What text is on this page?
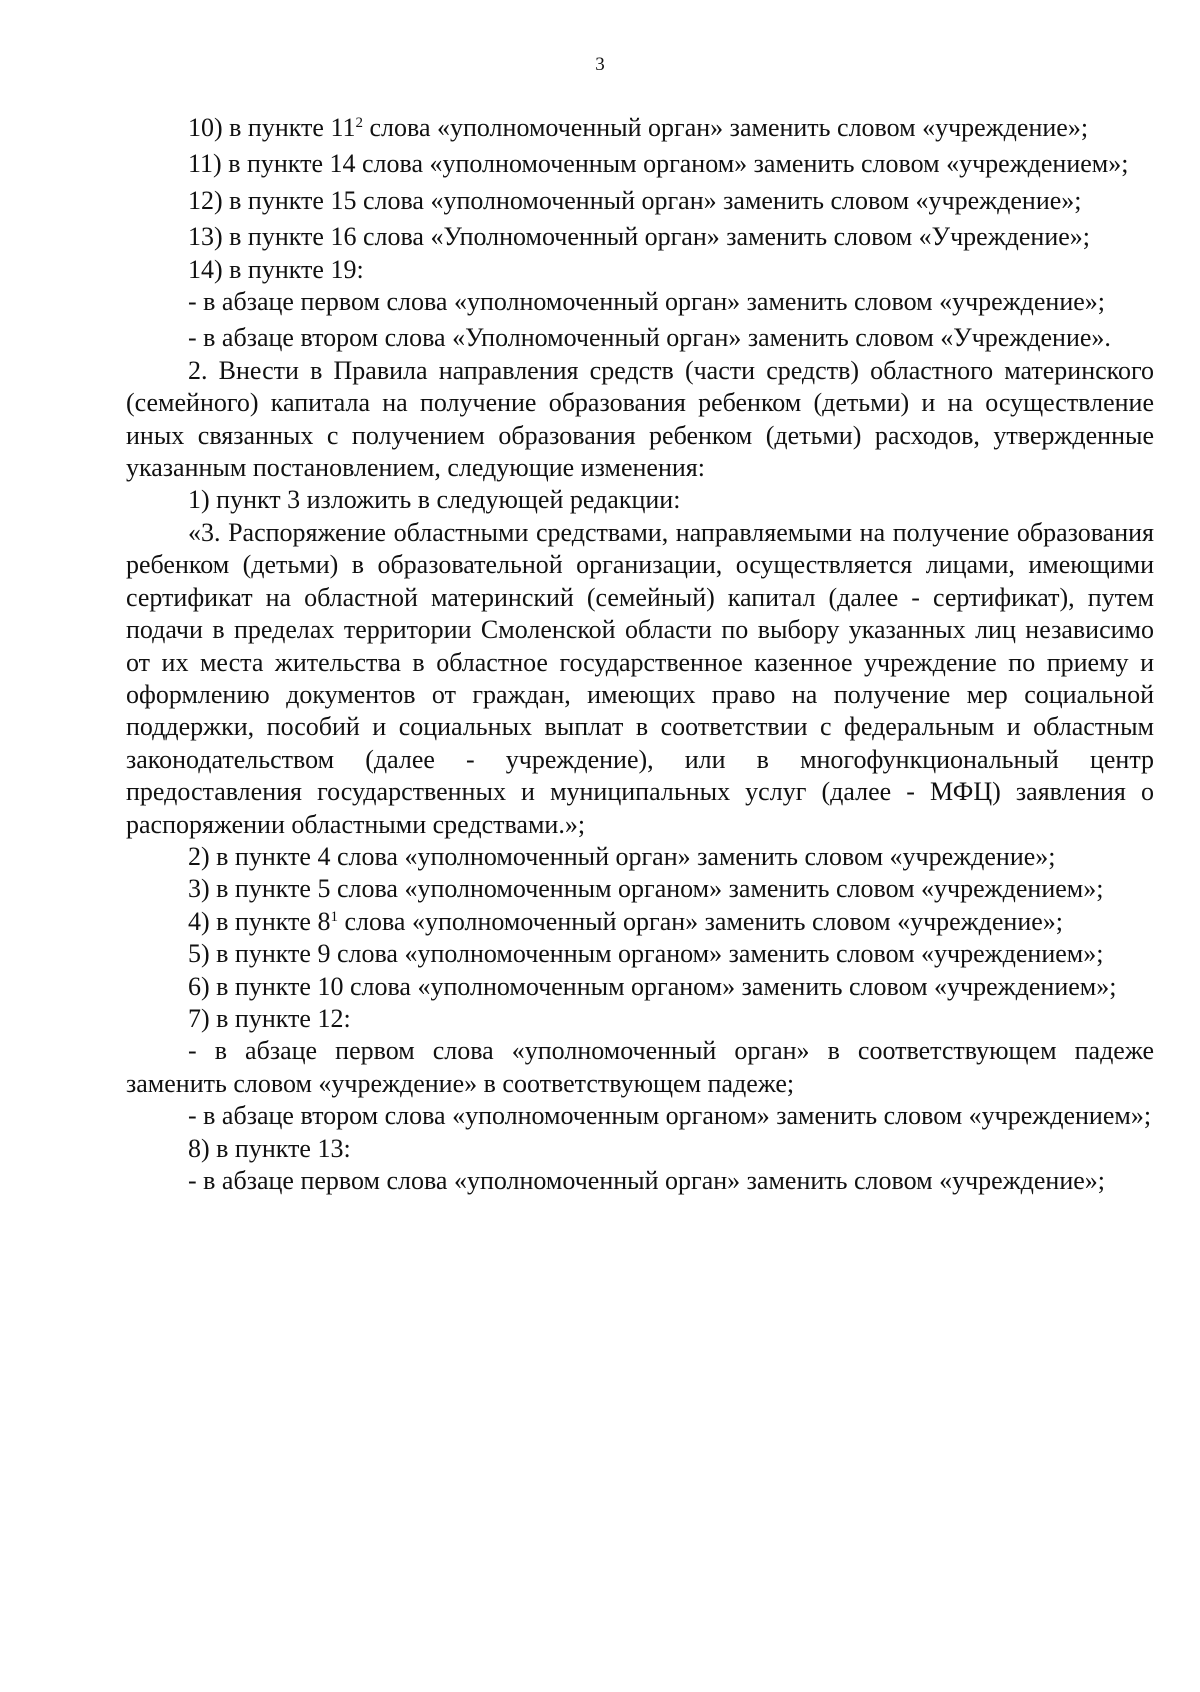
3

10) в пункте $11^2$ слова «уполномоченный орган» заменить словом «учреждение»;

11) в пункте 14 слова «уполномоченным органом» заменить словом «учреждением»;

12) в пункте 15 слова «уполномоченный орган» заменить словом «учреждение»;

13) в пункте 16 слова «Уполномоченный орган» заменить словом «Учреждение»;

14) в пункте 19:

- в абзаце первом слова «уполномоченный орган» заменить словом «учреждение»;

- в абзаце втором слова «Уполномоченный орган» заменить словом «Учреждение».

2. Внести в Правила направления средств (части средств) областного материнского (семейного) капитала на получение образования ребенком (детьми) и на осуществление иных связанных с получением образования ребенком (детьми) расходов, утвержденные указанным постановлением, следующие изменения:

1) пункт 3 изложить в следующей редакции:

«3. Распоряжение областными средствами, направляемыми на получение образования ребенком (детьми) в образовательной организации, осуществляется лицами, имеющими сертификат на областной материнский (семейный) капитал (далее - сертификат), путем подачи в пределах территории Смоленской области по выбору указанных лиц независимо от их места жительства в областное государственное казенное учреждение по приему и оформлению документов от граждан, имеющих право на получение мер социальной поддержки, пособий и социальных выплат в соответствии с федеральным и областным законодательством (далее - учреждение), или в многофункциональный центр предоставления государственных и муниципальных услуг (далее - МФЦ) заявления о распоряжении областными средствами.»;

2) в пункте 4 слова «уполномоченный орган» заменить словом «учреждение»;

3) в пункте 5 слова «уполномоченным органом» заменить словом «учреждением»;

4) в пункте $8^1$ слова «уполномоченный орган» заменить словом «учреждение»;

5) в пункте 9 слова «уполномоченным органом» заменить словом «учреждением»;

6) в пункте 10 слова «уполномоченным органом» заменить словом «учреждением»;

7) в пункте 12:

- в абзаце первом слова «уполномоченный орган» в соответствующем падеже заменить словом «учреждение» в соответствующем падеже;

- в абзаце втором слова «уполномоченным органом» заменить словом «учреждением»;

8) в пункте 13:

- в абзаце первом слова «уполномоченный орган» заменить словом «учреждение»;
